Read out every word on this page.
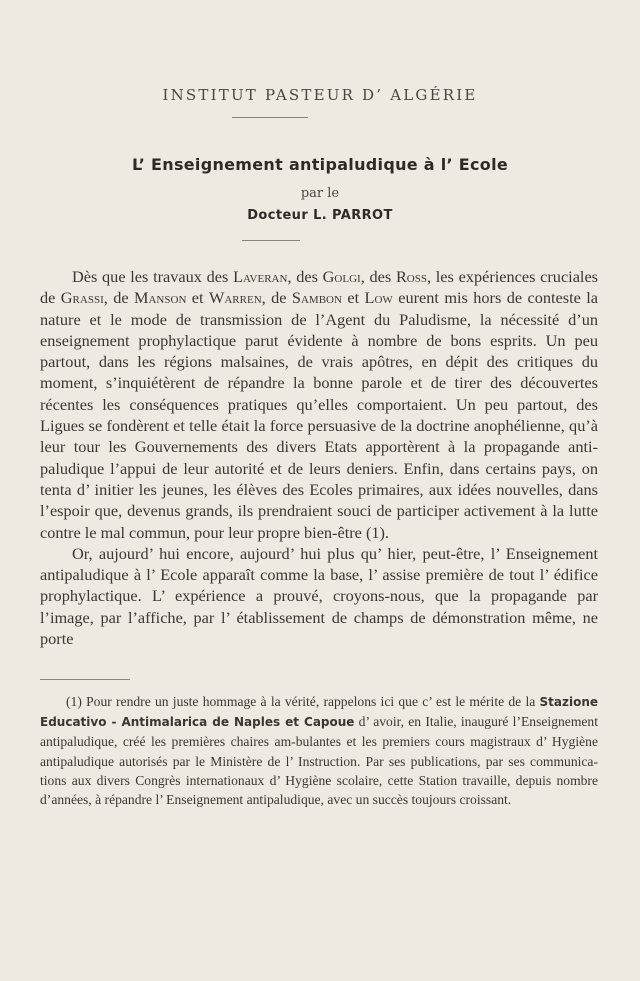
INSTITUT PASTEUR D’ ALGÉRIE
L’ Enseignement antipaludique à l’ Ecole
par le
Docteur L. PARROT

Dès que les travaux des Laveran, des Golgi, des Ross, les expériences cruciales de Grassi, de Manson et Warren, de Sambon et Low eurent mis hors de conteste la nature et le mode de transmission de l’Agent du Paludisme, la nécessité d’un enseignement prophylactique parut évidente à nombre de bons esprits. Un peu partout, dans les régions malsaines, de vrais apôtres, en dépit des critiques du moment, s’inquiétèrent de répandre la bonne parole et de tirer des découvertes récentes les conséquences pratiques qu’elles comportaient. Un peu partout, des Ligues se fondèrent et telle était la force persuasive de la doctrine anophélienne, qu’à leur tour les Gouvernements des divers Etats apportèrent à la propagande anti-paludique l’appui de leur autorité et de leurs deniers. Enfin, dans certains pays, on tenta d’ initier les jeunes, les élèves des Ecoles primaires, aux idées nouvelles, dans l’espoir que, devenus grands, ils prendraient souci de participer activement à la lutte contre le mal commun, pour leur propre bien-être (1).

Or, aujourd’ hui encore, aujourd’ hui plus qu’ hier, peut-être, l’ Enseignement antipaludique à l’ Ecole apparaît comme la base, l’ assise première de tout l’ édifice prophylactique. L’ expérience a prouvé, croyons-nous, que la propagande par l’image, par l’affiche, par l’ établissement de champs de démonstration même, ne porte

(1) Pour rendre un juste hommage à la vérité, rappelons ici que c’ est le mérite de la Stazione Educativo - Antimalarica de Naples et Capoue d’ avoir, en Italie, inauguré l’Enseignement antipaludique, créé les premières chaires am-bulantes et les premiers cours magistraux d’ Hygiène antipaludique autorisés par le Ministère de l’ Instruction. Par ses publications, par ses communica-tions aux divers Congrès internationaux d’ Hygiène scolaire, cette Station travaille, depuis nombre d’années, à répandre l’ Enseignement antipaludique, avec un succès toujours croissant.
